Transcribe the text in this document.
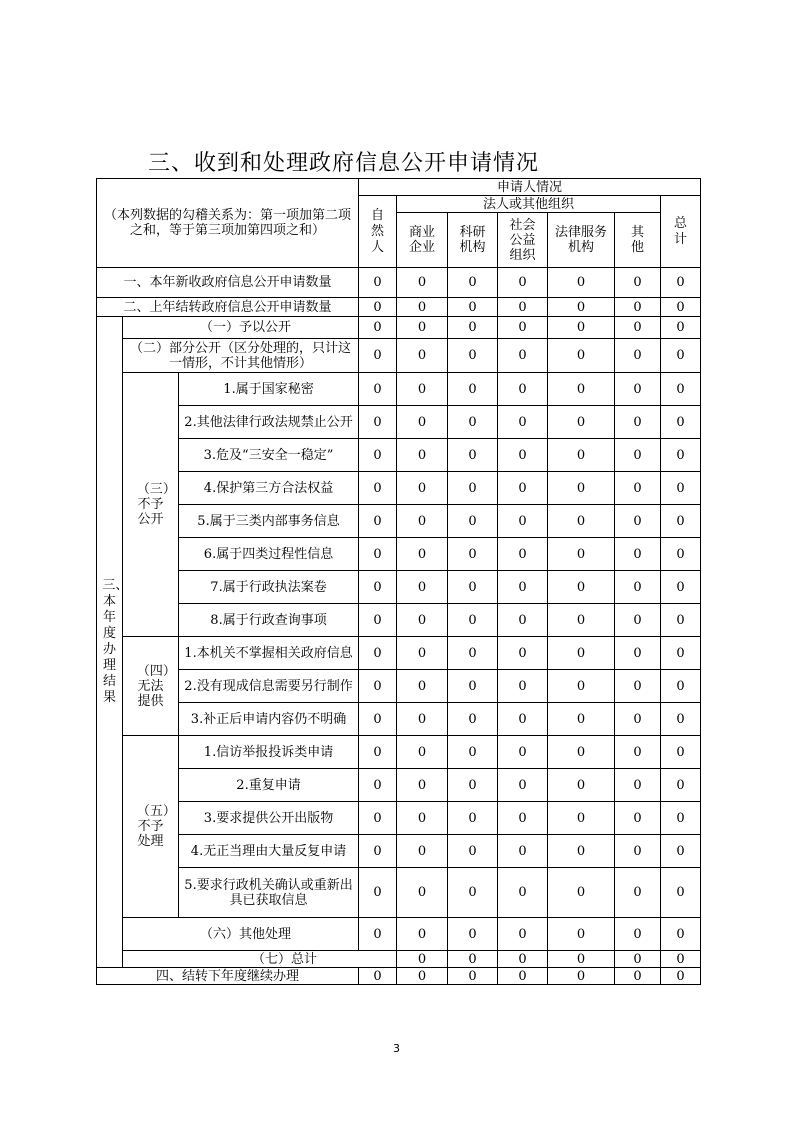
三、收到和处理政府信息公开申请情况
（本列数据的勾稽关系为：第一项加第二项之和，等于第三项加第四项之和）			申请人情况							
			自然人	法人或其他组织					总计	
				商业企业	科研机构	社会公益组织	法律服务机构	其他		
一、本年新收政府信息公开申请数量			0	0	0	0	0	0	0	
二、上年结转政府信息公开申请数量			0	0	0	0	0	0	0	
三、本年度办理结果	（一）予以公开		0	0	0	0	0	0	0	
	（二）部分公开（区分处理的，只计这一情形，不计其他情形）		0	0	0	0	0	0	0	
	（三）不予公开	1.属于国家秘密	0	0	0	0	0	0	0	
		2.其他法律行政法规禁止公开	0	0	0	0	0	0	0	
		3.危及“三安全一稳定”	0	0	0	0	0	0	0	
		4.保护第三方合法权益	0	0	0	0	0	0	0	
		5.属于三类内部事务信息	0	0	0	0	0	0	0	
		6.属于四类过程性信息	0	0	0	0	0	0	0	
		7.属于行政执法案卷	0	0	0	0	0	0	0	
		8.属于行政查询事项	0	0	0	0	0	0	0	
	（四）无法提供	1.本机关不掌握相关政府信息	0	0	0	0	0	0	0	
		2.没有现成信息需要另行制作	0	0	0	0	0	0	0	
		3.补正后申请内容仍不明确	0	0	0	0	0	0	0	
	（五）不予处理	1.信访举报投诉类申请	0	0	0	0	0	0	0	
		2.重复申请	0	0	0	0	0	0	0	
		3.要求提供公开出版物	0	0	0	0	0	0	0	
		4.无正当理由大量反复申请	0	0	0	0	0	0	0	
		5.要求行政机关确认或重新出具已获取信息	0	0	0	0	0	0	0	
	（六）其他处理		0	0	0	0	0	0	0	
	（七）总计			0	0	0	0	0	0	
四、结转下年度继续办理			0	0	0	0	0	0	0	
3
